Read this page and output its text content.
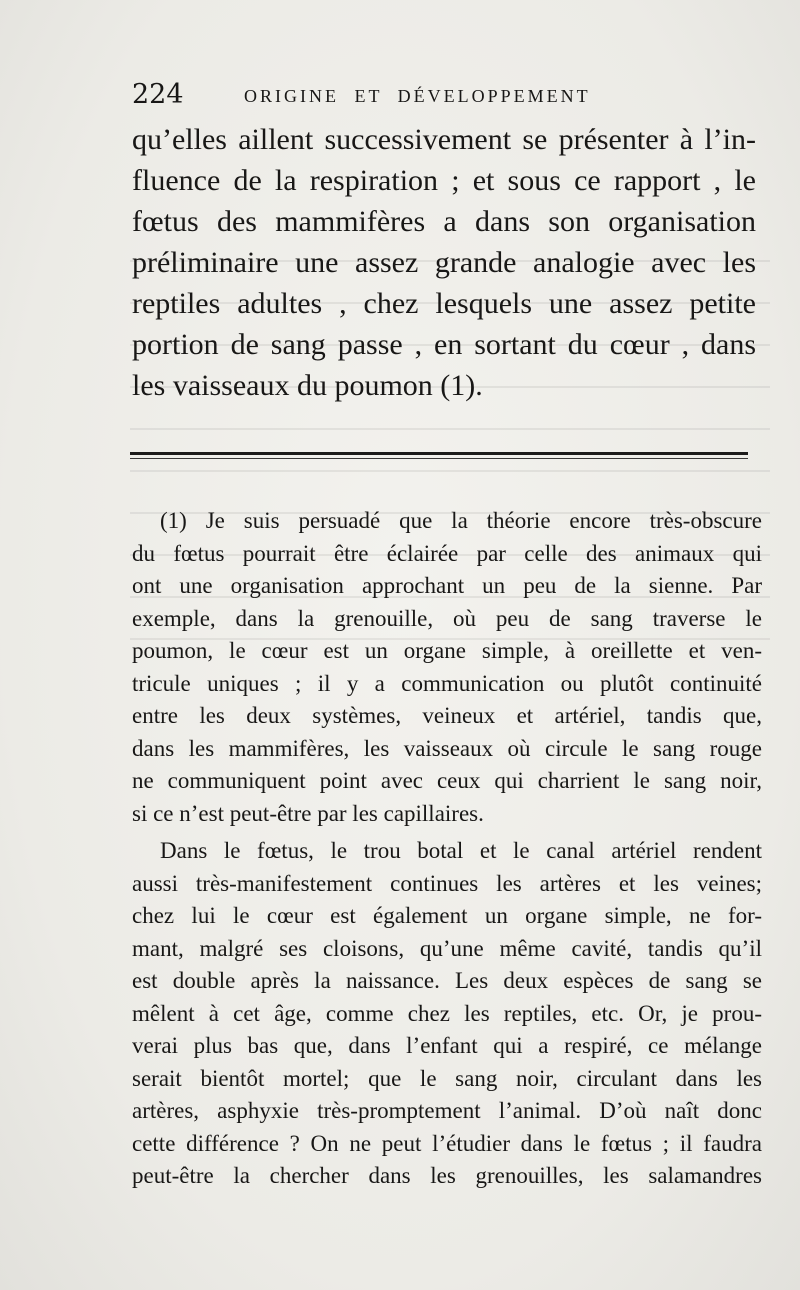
224	ORIGINE ET DÉVELOPPEMENT
qu’elles aillent successivement se présenter à l’in-
fluence de la respiration ; et sous ce rapport , le
fœtus des mammifères a dans son organisation
préliminaire une assez grande analogie avec les
reptiles adultes , chez lesquels une assez petite
portion de sang passe , en sortant du cœur , dans
les vaisseaux du poumon (1).
(1) Je suis persuadé que la théorie encore très-obscure
du fœtus pourrait être éclairée par celle des animaux qui
ont une organisation approchant un peu de la sienne. Par
exemple, dans la grenouille, où peu de sang traverse le
poumon, le cœur est un organe simple, à oreillette et ven-
tricule uniques ; il y a communication ou plutôt continuité
entre les deux systèmes, veineux et artériel, tandis que,
dans les mammifères, les vaisseaux où circule le sang rouge
ne communiquent point avec ceux qui charrient le sang noir,
si ce n’est peut-être par les capillaires.
Dans le fœtus, le trou botal et le canal artériel rendent
aussi très-manifestement continues les artères et les veines;
chez lui le cœur est également un organe simple, ne for-
mant, malgré ses cloisons, qu’une même cavité, tandis qu’il
est double après la naissance. Les deux espèces de sang se
mêlent à cet âge, comme chez les reptiles, etc. Or, je prou-
verai plus bas que, dans l’enfant qui a respiré, ce mélange
serait bientôt mortel; que le sang noir, circulant dans les
artères, asphyxie très-promptement l’animal. D’où naît donc
cette différence ? On ne peut l’étudier dans le fœtus ; il faudra
peut-être la chercher dans les grenouilles, les salamandres
